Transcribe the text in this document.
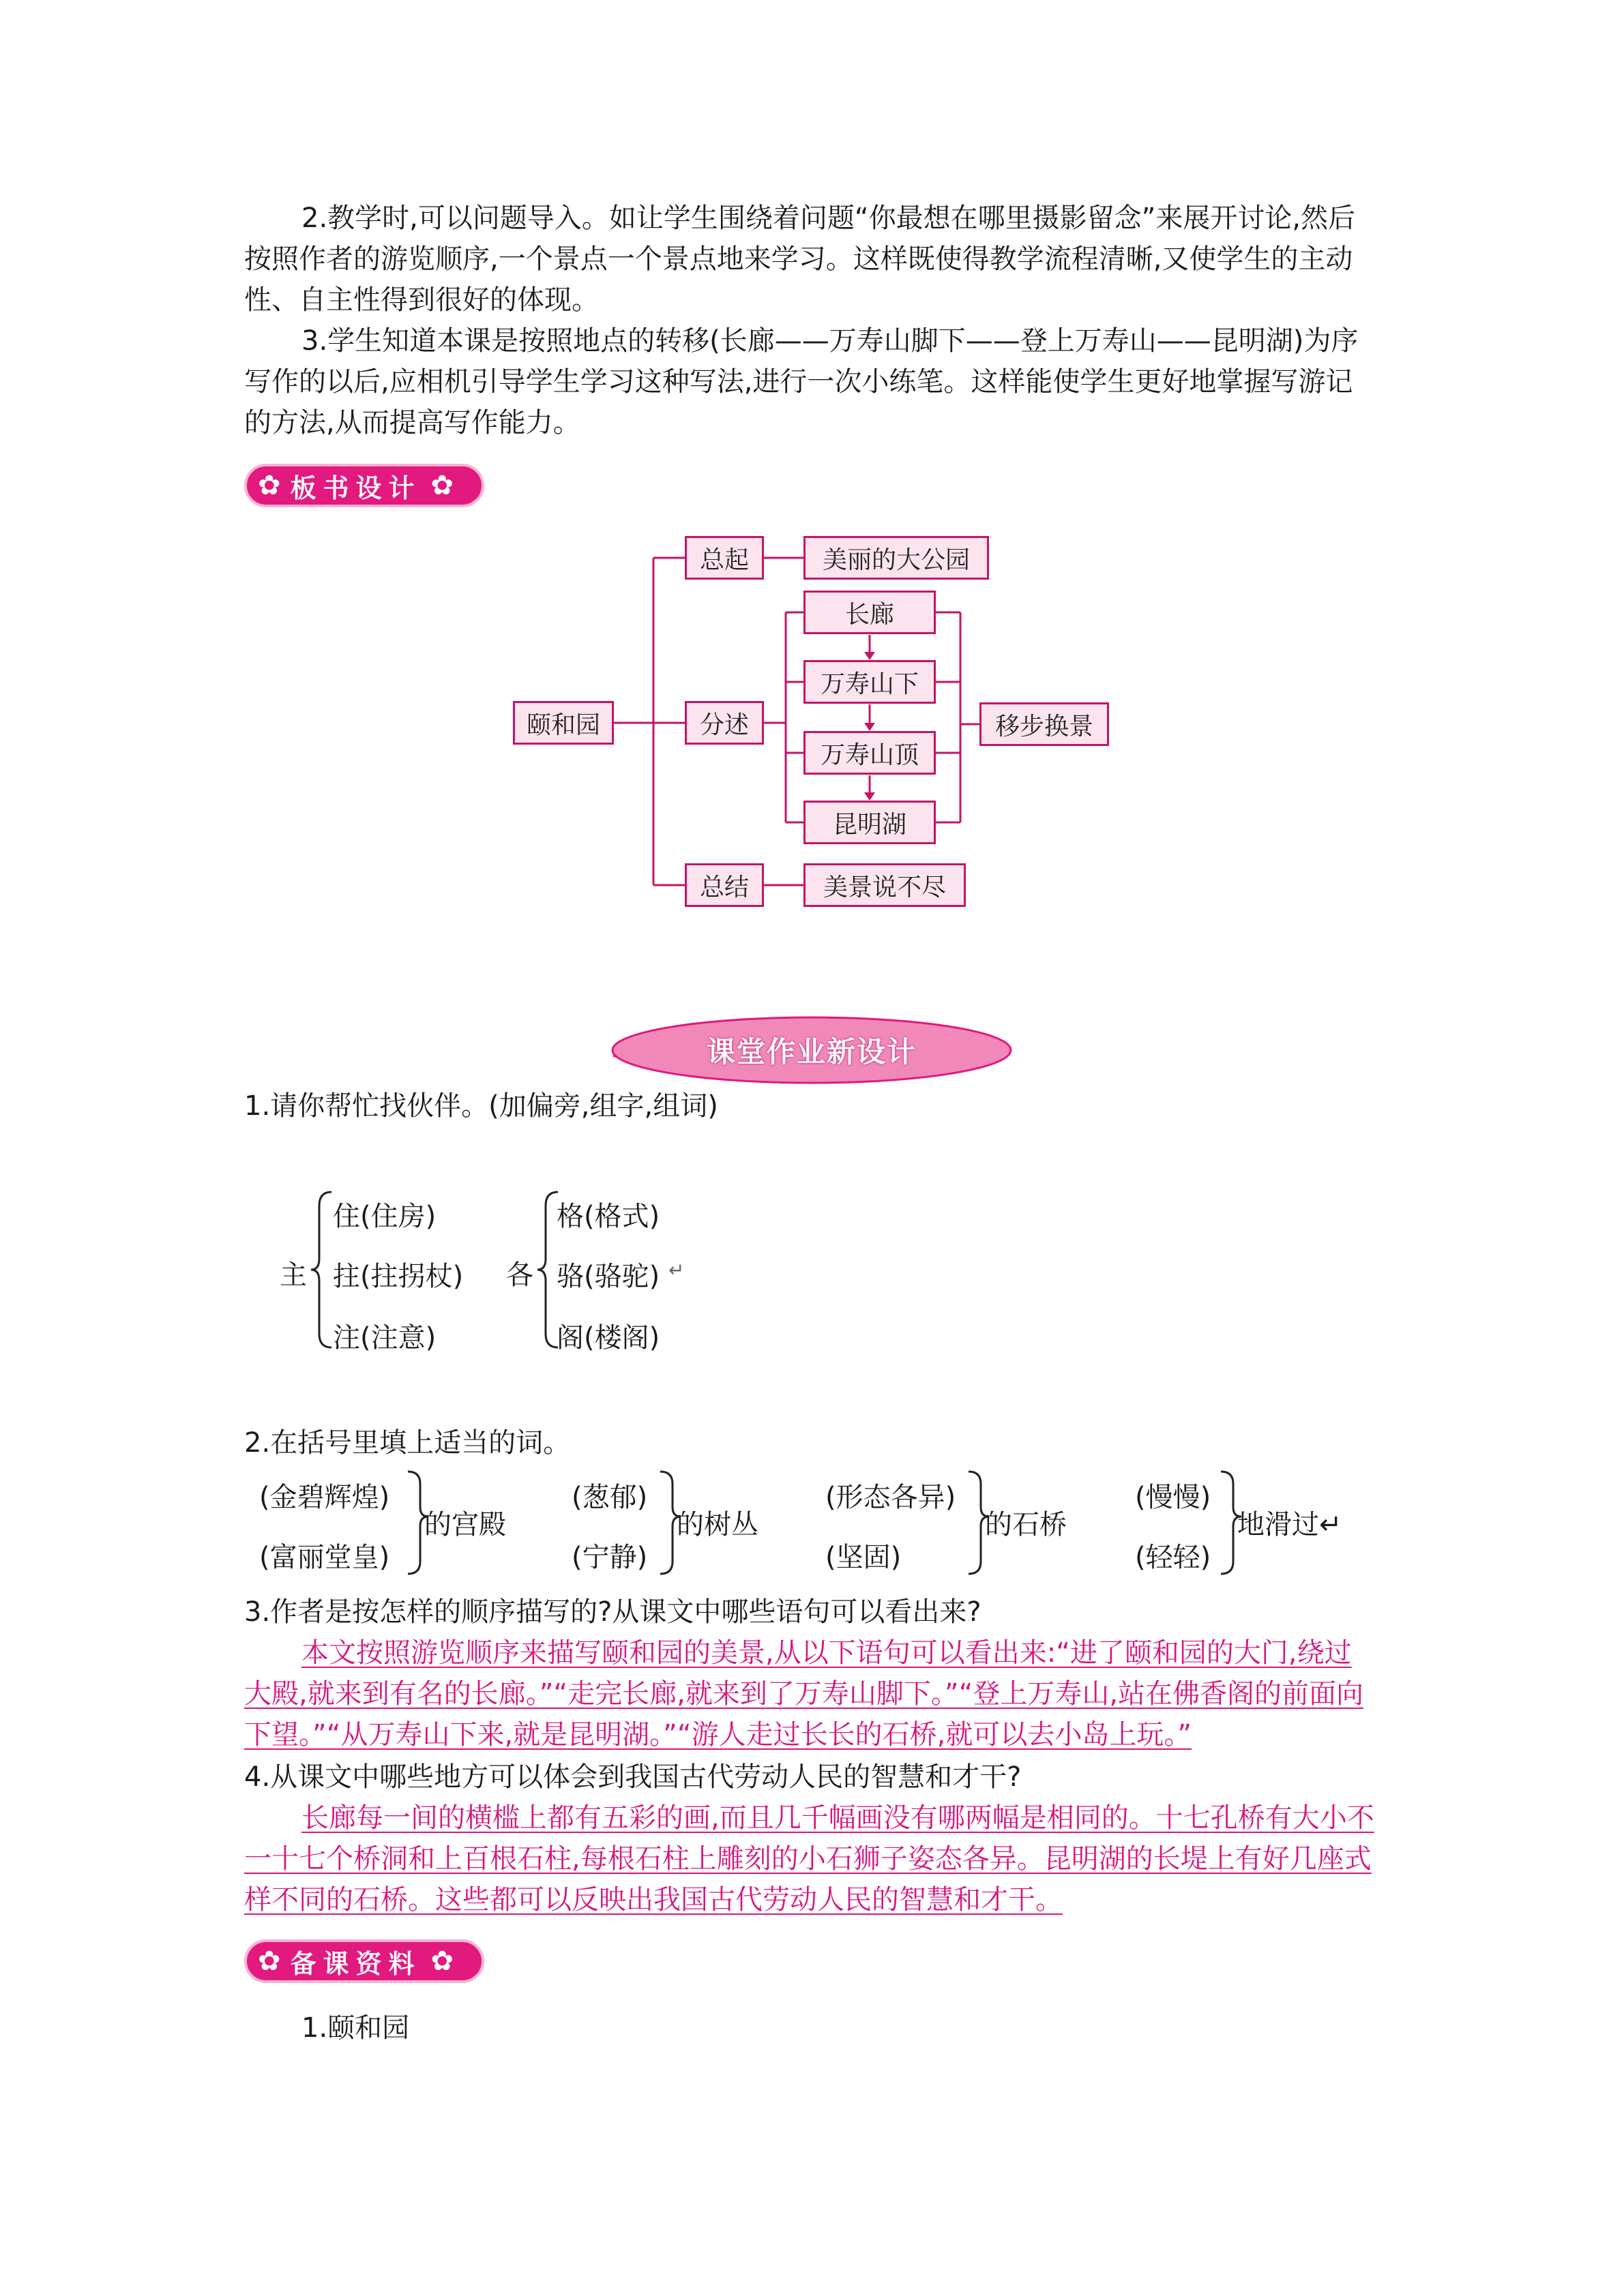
2.教学时,可以问题导入。如让学生围绕着问题“你最想在哪里摄影留念”来展开讨论,然后按照作者的游览顺序,一个景点一个景点地来学习。这样既使得教学流程清晰,又使学生的主动性、自主性得到很好的体现。

3.学生知道本课是按照地点的转移(长廊——万寿山脚下——登上万寿山——昆明湖)为序写作的以后,应相机引导学生学习这种写法,进行一次小练笔。这样能使学生更好地掌握写游记的方法,从而提高写作能力。

✿ 板书设计 ✿
颐和园
总起	美丽的大公园
分述
长廊
万寿山下
万寿山顶
昆明湖
移步换景
总结	美景说不尽
课堂作业新设计

1.请你帮忙找伙伴。(加偏旁,组字,组词)

主
住(住房)
拄(拄拐杖)
注(注意)
各
格(格式)
骆(骆驼) ↵
阁(楼阁)

2.在括号里填上适当的词。

(金碧辉煌)
(富丽堂皇)
的宫殿
(葱郁)
(宁静)
的树丛
(形态各异)
(坚固)
的石桥
(慢慢)
(轻轻)
地滑过↵

3.作者是按怎样的顺序描写的?从课文中哪些语句可以看出来?

本文按照游览顺序来描写颐和园的美景,从以下语句可以看出来:“进了颐和园的大门,绕过大殿,就来到有名的长廊。”“走完长廊,就来到了万寿山脚下。”“登上万寿山,站在佛香阁的前面向下望。”“从万寿山下来,就是昆明湖。”“游人走过长长的石桥,就可以去小岛上玩。”

4.从课文中哪些地方可以体会到我国古代劳动人民的智慧和才干?

长廊每一间的横槛上都有五彩的画,而且几千幅画没有哪两幅是相同的。十七孔桥有大小不一十七个桥洞和上百根石柱,每根石柱上雕刻的小石狮子姿态各异。昆明湖的长堤上有好几座式样不同的石桥。这些都可以反映出我国古代劳动人民的智慧和才干。

✿ 备课资料 ✿

1.颐和园
